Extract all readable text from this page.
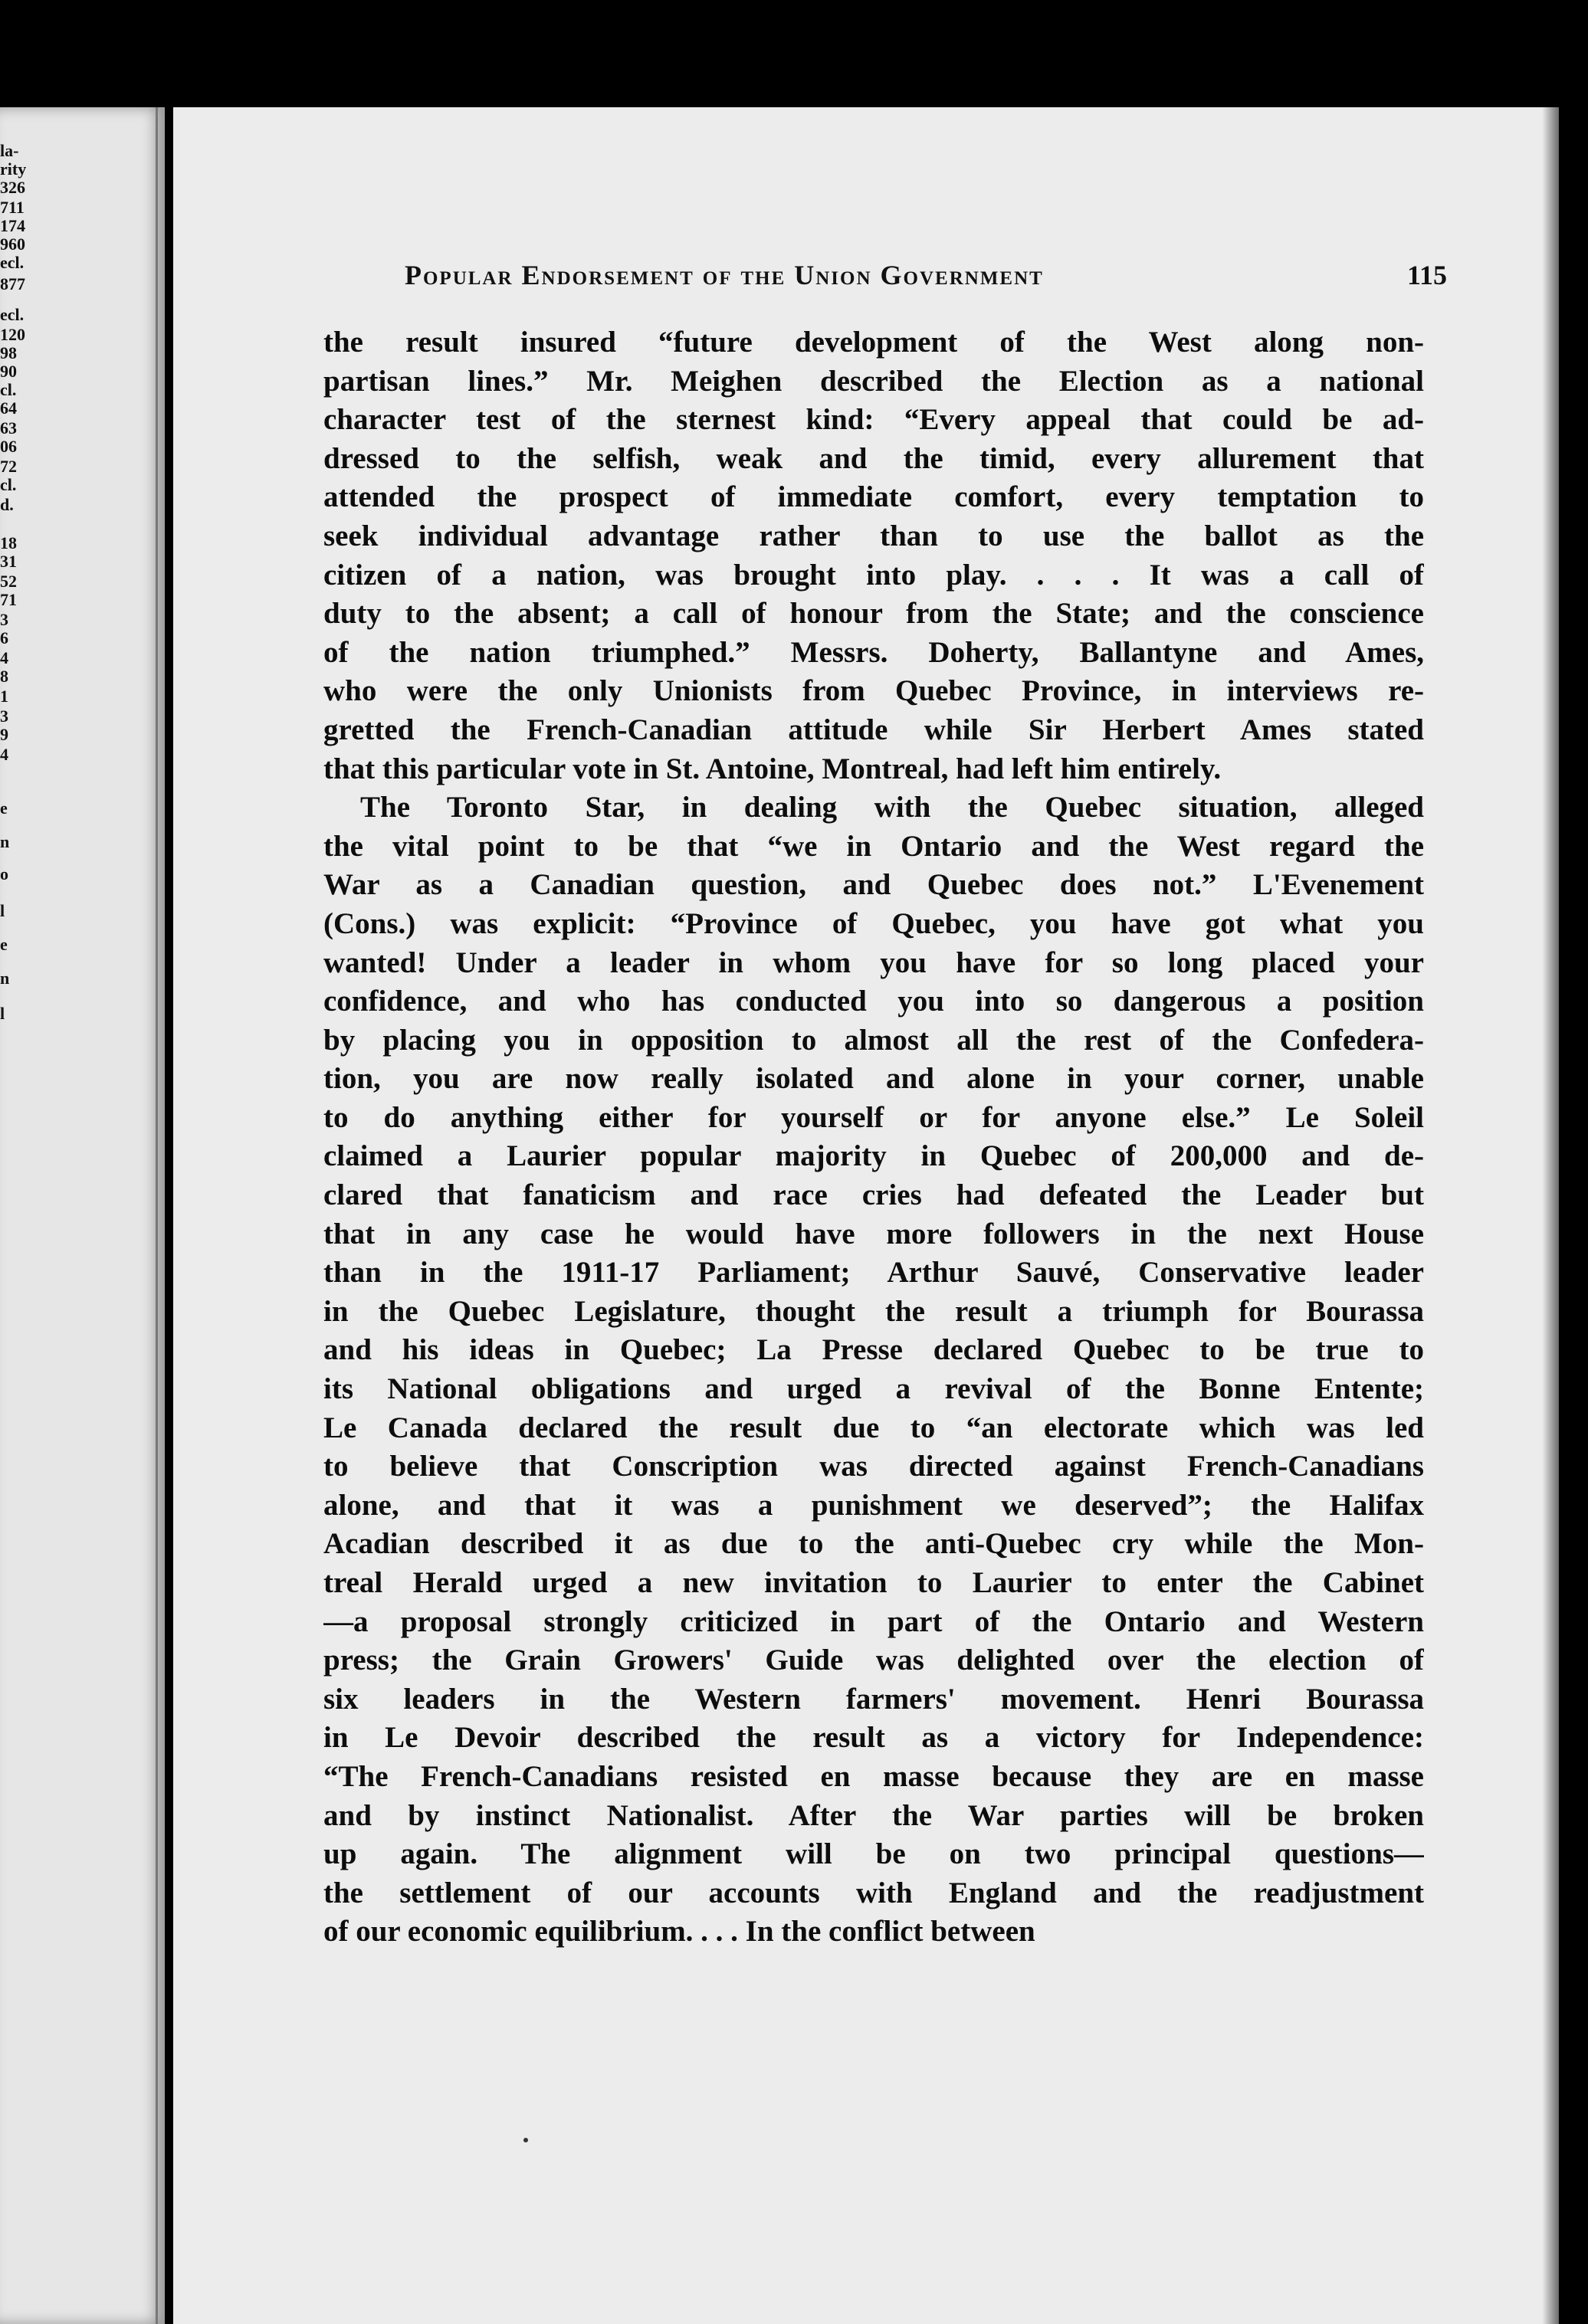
la-
rity
326
711
174
960
ecl.
877
ecl.
120
98
90
cl.
64
63
06
72
cl.
d.
18
31
52
71
3
6
4
8
1
3
9
4
e
n
o
l
e
n
l
Popular Endorsement of the Union Government	115
the result insured “future development of the West along non-
partisan lines.” Mr. Meighen described the Election as a national
character test of the sternest kind: “Every appeal that could be ad-
dressed to the selfish, weak and the timid, every allurement that
attended the prospect of immediate comfort, every temptation to
seek individual advantage rather than to use the ballot as the
citizen of a nation, was brought into play. . . . It was a call of
duty to the absent; a call of honour from the State; and the conscience
of the nation triumphed.” Messrs. Doherty, Ballantyne and Ames,
who were the only Unionists from Quebec Province, in interviews re-
gretted the French-Canadian attitude while Sir Herbert Ames stated
that this particular vote in St. Antoine, Montreal, had left him entirely.
The Toronto Star, in dealing with the Quebec situation, alleged
the vital point to be that “we in Ontario and the West regard the
War as a Canadian question, and Quebec does not.” L'Evenement
(Cons.) was explicit: “Province of Quebec, you have got what you
wanted! Under a leader in whom you have for so long placed your
confidence, and who has conducted you into so dangerous a position
by placing you in opposition to almost all the rest of the Confedera-
tion, you are now really isolated and alone in your corner, unable
to do anything either for yourself or for anyone else.” Le Soleil
claimed a Laurier popular majority in Quebec of 200,000 and de-
clared that fanaticism and race cries had defeated the Leader but
that in any case he would have more followers in the next House
than in the 1911-17 Parliament; Arthur Sauvé, Conservative leader
in the Quebec Legislature, thought the result a triumph for Bourassa
and his ideas in Quebec; La Presse declared Quebec to be true to
its National obligations and urged a revival of the Bonne Entente;
Le Canada declared the result due to “an electorate which was led
to believe that Conscription was directed against French-Canadians
alone, and that it was a punishment we deserved”; the Halifax
Acadian described it as due to the anti-Quebec cry while the Mon-
treal Herald urged a new invitation to Laurier to enter the Cabinet
—a proposal strongly criticized in part of the Ontario and Western
press; the Grain Growers' Guide was delighted over the election of
six leaders in the Western farmers' movement. Henri Bourassa
in Le Devoir described the result as a victory for Independence:
“The French-Canadians resisted en masse because they are en masse
and by instinct Nationalist. After the War parties will be broken
up again. The alignment will be on two principal questions—
the settlement of our accounts with England and the readjustment
of our economic equilibrium. . . . In the conflict between
